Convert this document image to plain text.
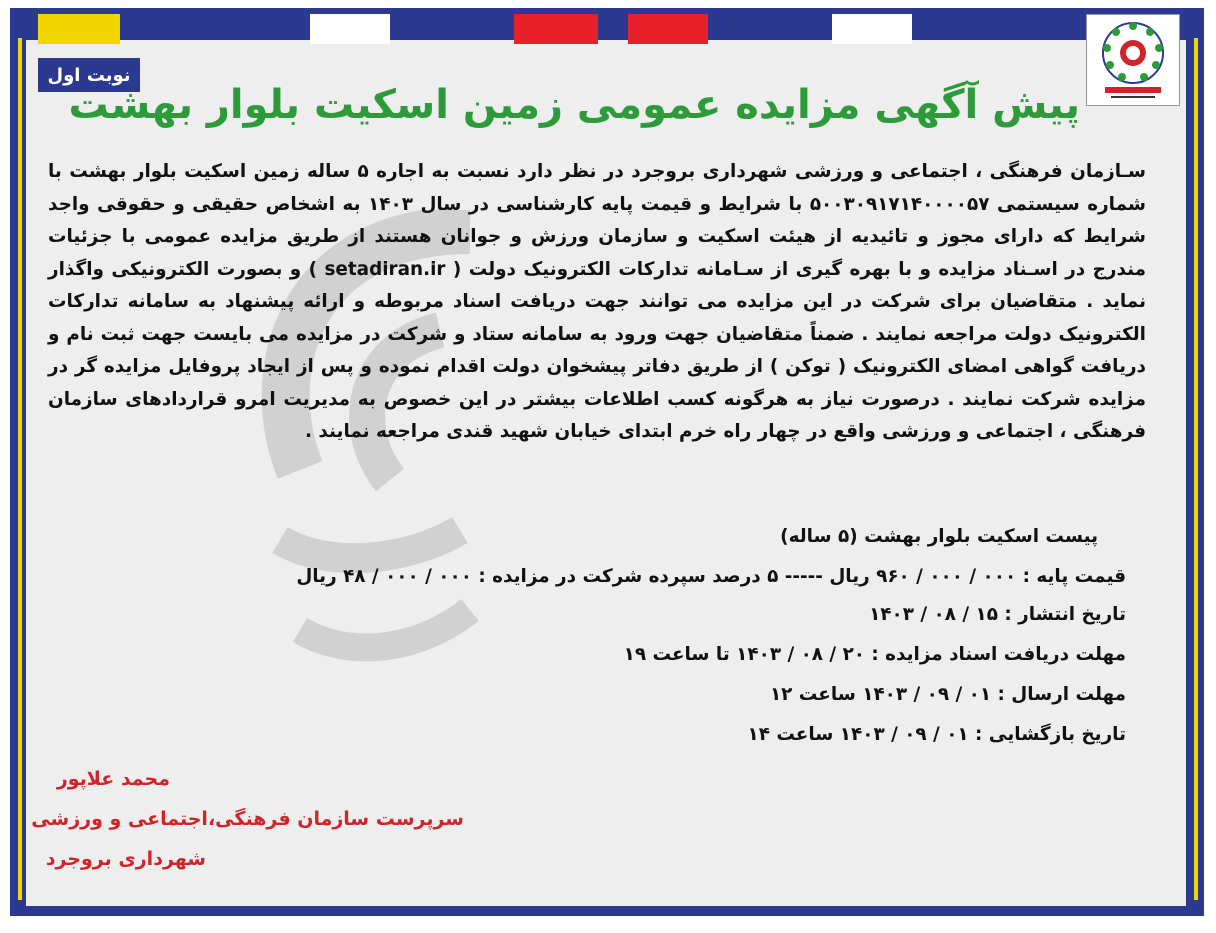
نوبت اول
پیش آگهی مزایده عمومی زمین اسکیت بلوار بهشت
سـازمان فرهنگی ، اجتماعی و ورزشی شهرداری بروجرد در نظر دارد نسبت به اجاره ۵ ساله زمین اسکیت بلوار بهشت با شماره سیستمی ۵۰۰۳۰۹۱۷۱۴۰۰۰۰۵۷ با شرایط و قیمت پایه کارشناسی در سال ۱۴۰۳ به اشخاص حقیقی و حقوقی واجد شرایط که دارای مجوز و تائیدیه از هیئت اسکیت و سازمان ورزش و جوانان هستند از طریق مزایده عمومی با جزئیات مندرج در اسـناد مزایده و با بهره گیری از سـامانه تدارکات الکترونیک دولت ( setadiran.ir ) و بصورت الکترونیکی واگذار نماید . متقاضیان برای شرکت در این مزایده می توانند جهت دریافت اسناد مربوطه و ارائه پیشنهاد به سامانه تدارکات الکترونیک دولت مراجعه نمایند . ضمناً متقاضیان جهت ورود به سامانه ستاد و شرکت در مزایده می بایست جهت ثبت نام و دریافت گواهی امضای الکترونیک ( توکن ) از طریق دفاتر پیشخوان دولت اقدام نموده و پس از ایجاد پروفایل مزایده گر در مزایده شرکت نمایند . درصورت نیاز به هرگونه کسب اطلاعات بیشتر در این خصوص به مدیریت امرو قراردادهای سازمان فرهنگی ، اجتماعی و ورزشی واقع در چهار راه خرم ابتدای خیابان شهید قندی مراجعه نمایند .
پیست اسکیت بلوار بهشت (۵ ساله)
قیمت پایه : ۰۰۰ / ۰۰۰ / ۹۶۰ ریال ----- ۵ درصد سپرده شرکت در مزایده : ۰۰۰ / ۰۰۰ / ۴۸ ریال
تاریخ انتشار : ۱۵ / ۰۸ / ۱۴۰۳
مهلت دریافت اسناد مزایده : ۲۰ / ۰۸ / ۱۴۰۳ تا ساعت ۱۹
مهلت ارسال : ۰۱ / ۰۹ / ۱۴۰۳ ساعت ۱۲
تاریخ بازگشایی : ۰۱ / ۰۹ / ۱۴۰۳ ساعت ۱۴
محمد علاپور
سرپرست سازمان فرهنگی،اجتماعی و ورزشی
شهرداری بروجرد
